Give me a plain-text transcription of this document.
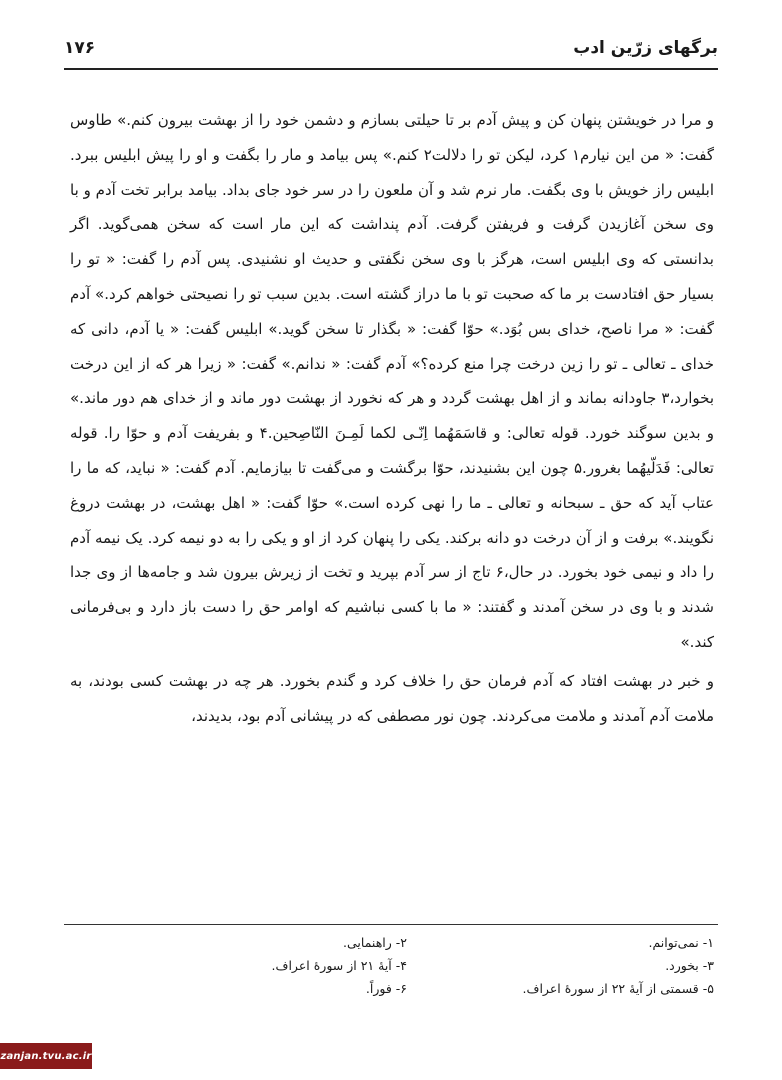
برگهای زرّین ادب
۱۷۶

و مرا در خویشتن پنهان کن و پیش آدم بر تا حیلتی بسازم و دشمن خود را از بهشت بیرون کنم.» طاوس گفت: « من این نیارم۱ کرد، لیکن تو را دلالت۲ کنم.» پس بیامد و مار را بگفت و او را پیش ابلیس ببرد. ابلیس راز خویش با وی بگفت. مار نرم شد و آن ملعون را در سر خود جای بداد. بیامد برابر تخت آدم و با وی سخن آغازیدن گرفت و فریفتن گرفت. آدم پنداشت که این مار است که سخن همی‌گوید. اگر بدانستی که وی ابلیس است، هرگز با وی سخن نگفتی و حدیث او نشنیدی. پس آدم را گفت: « تو را بسیار حق افتادست بر ما که صحبت تو با ما دراز گشته است. بدین سبب تو را نصیحتی خواهم کرد.» آدم گفت: « مرا ناصح، خدای بس بُوَد.» حوّا گفت: « بگذار تا سخن گوید.» ابلیس گفت: « یا آدم، دانی که خدای ـ تعالی ـ تو را زین درخت چرا منع کرده؟» آدم گفت: « ندانم.» گفت: « زیرا هر که از این درخت بخوارد،۳ جاودانه بماند و از اهل بهشت گردد و هر که نخورد از بهشت دور ماند و از خدای هم دور ماند.» و بدین سوگند خورد. قوله تعالی: و قاسَمَهُما اِنّـی لکما لَمِـنَ النّاصِحین.۴ و بفریفت آدم و حوّا را. قوله تعالی: فَدَلّیهُما بغرور.۵ چون این بشنیدند، حوّا برگشت و می‌گفت تا بیازمایم. آدم گفت: « نباید، که ما را عتاب آید که حق ـ سبحانه و تعالی ـ ما را نهی کرده است.» حوّا گفت: « اهل بهشت، در بهشت دروغ نگویند.» برفت و از آن درخت دو دانه برکند. یکی را پنهان کرد از او و یکی را به دو نیمه کرد. یک نیمه آدم را داد و نیمی خود بخورد. در حال،۶ تاج از سر آدم بپرید و تخت از زیرش بیرون شد و جامه‌ها از وی جدا شدند و با وی در سخن آمدند و گفتند: « ما با کسی نباشیم که اوامر حق را دست باز دارد و بی‌فرمانی کند.»

و خبر در بهشت افتاد که آدم فرمان حق را خلاف کرد و گندم بخورد. هر چه در بهشت کسی بودند، به ملامت آدم آمدند و ملامت می‌کردند. چون نور مصطفی که در پیشانی آدم بود، بدیدند،

۱- نمی‌توانم.
۲- راهنمایی.
۳- بخورد.
۴- آیهٔ ۲۱ از سورهٔ اعراف.
۵- قسمتی از آیهٔ ۲۲ از سورهٔ اعراف.
۶- فوراً.
zanjan.tvu.ac.ir
